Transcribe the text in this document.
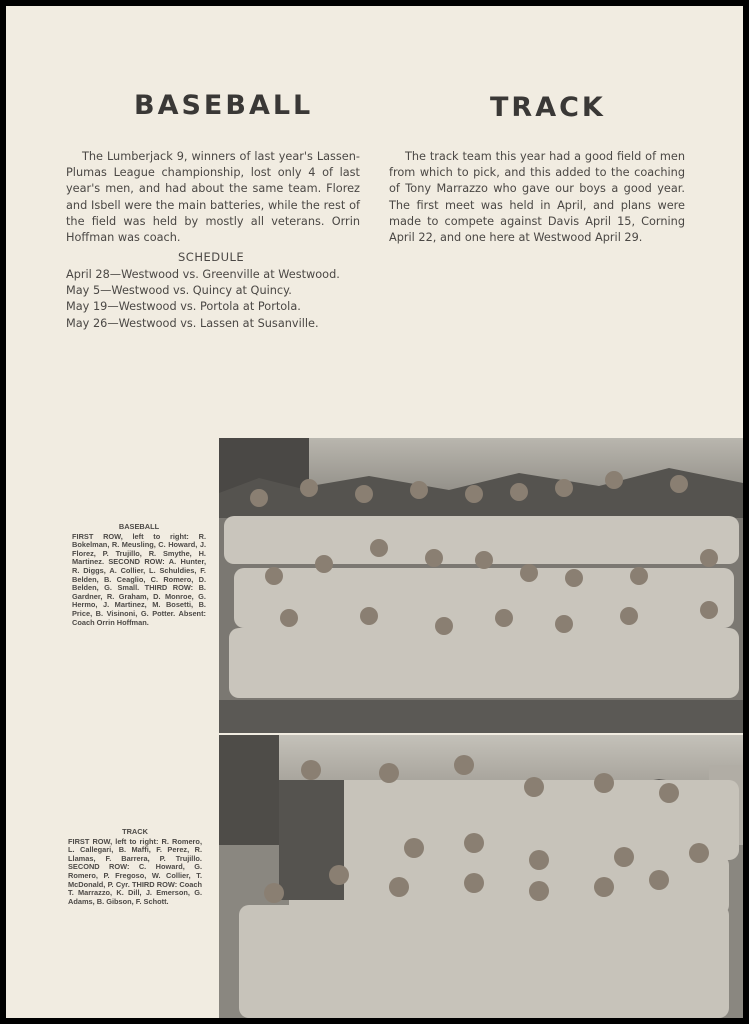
BASEBALL	TRACK

The Lumberjack 9, winners of last year's Lassen-Plumas League championship, lost only 4 of last year's men, and had about the same team. Florez and Isbell were the main batteries, while the rest of the field was held by mostly all veterans. Orrin Hoffman was coach.

The track team this year had a good field of men from which to pick, and this added to the coaching of Tony Marrazzo who gave our boys a good year. The first meet was held in April, and plans were made to compete against Davis April 15, Corning April 22, and one here at Westwood April 29.

SCHEDULE
April 28—Westwood vs. Greenville at Westwood.
May 5—Westwood vs. Quincy at Quincy.
May 19—Westwood vs. Portola at Portola.
May 26—Westwood vs. Lassen at Susanville.
BASEBALL
FIRST ROW, left to right: R. Bokelman, R. Meusling, C. Howard, J. Florez, P. Trujillo, R. Smythe, H. Martinez. SECOND ROW: A. Hunter, R. Diggs, A. Collier, L. Schuldies, F. Belden, B. Ceaglio, C. Romero, D. Belden, G. Small. THIRD ROW: B. Gardner, R. Graham, D. Monroe, G. Hermo, J. Martinez, M. Bosetti, B. Price, B. Visinoni, G. Potter. Absent: Coach Orrin Hoffman.
TRACK
FIRST ROW, left to right: R. Romero, L. Callegari, B. Maffi, F. Perez, R. Llamas, F. Barrera, P. Trujillo. SECOND ROW: C. Howard, G. Romero, P. Fregoso, W. Collier, T. McDonald, P. Cyr. THIRD ROW: Coach T. Marrazzo, K. Dill, J. Emerson, G. Adams, B. Gibson, F. Schott.
